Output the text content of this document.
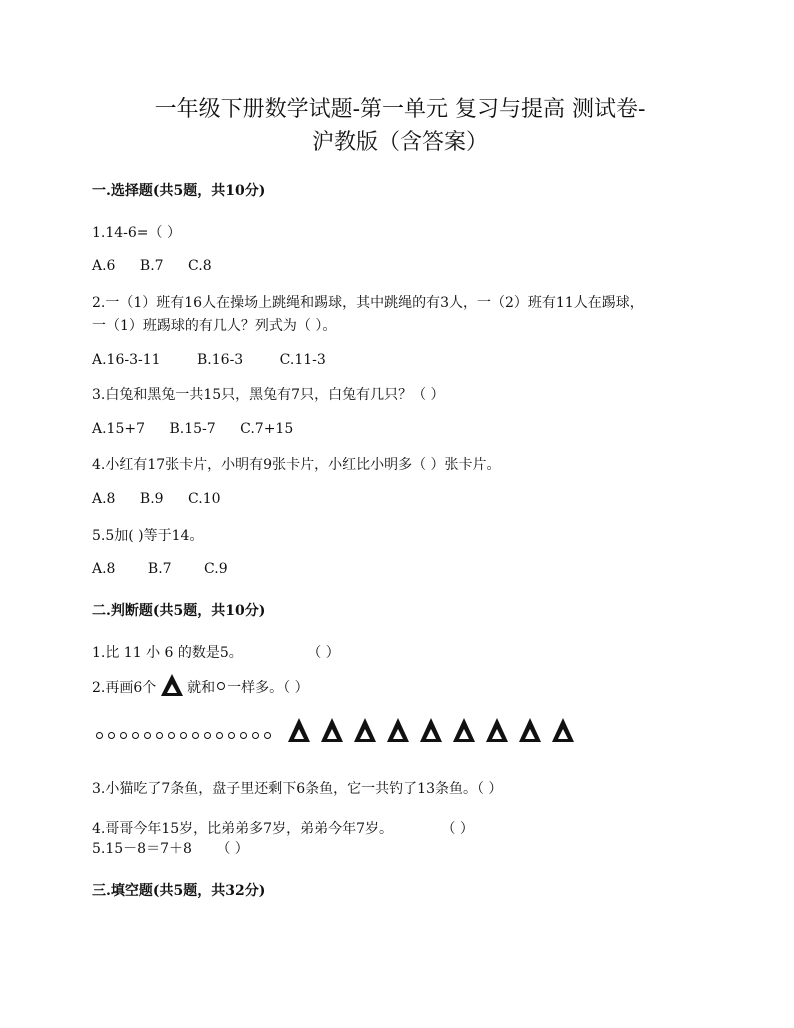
一年级下册数学试题-第一单元 复习与提高 测试卷-
沪教版（含答案）
一.选择题(共5题，共10分)
1.14-6=（ ）
A.6 B.7 C.8
2.一（1）班有16人在操场上跳绳和踢球，其中跳绳的有3人，一（2）班有11人在踢球，
一（1）班踢球的有几人？列式为（ ）。
A.16-3-11	B.16-3	C.11-3
3.白兔和黑兔一共15只，黑兔有7只，白兔有几只？（ ）
A.15+7 B.15-7 C.7+15
4.小红有17张卡片，小明有9张卡片，小红比小明多（ ）张卡片。
A.8 B.9 C.10
5.5加( )等于14。
A.8 B.7 C.9
二.判断题(共5题，共10分)
1.比 11 小 6 的数是5。	（ ）
2.再画6个 就和 一样多。（ ）
3.小猫吃了7条鱼，盘子里还剩下6条鱼，它一共钓了13条鱼。（ ）
4.哥哥今年15岁，比弟弟多7岁，弟弟今年7岁。	（ ）
5.15－8＝7＋8 （ ）
三.填空题(共5题，共32分)
